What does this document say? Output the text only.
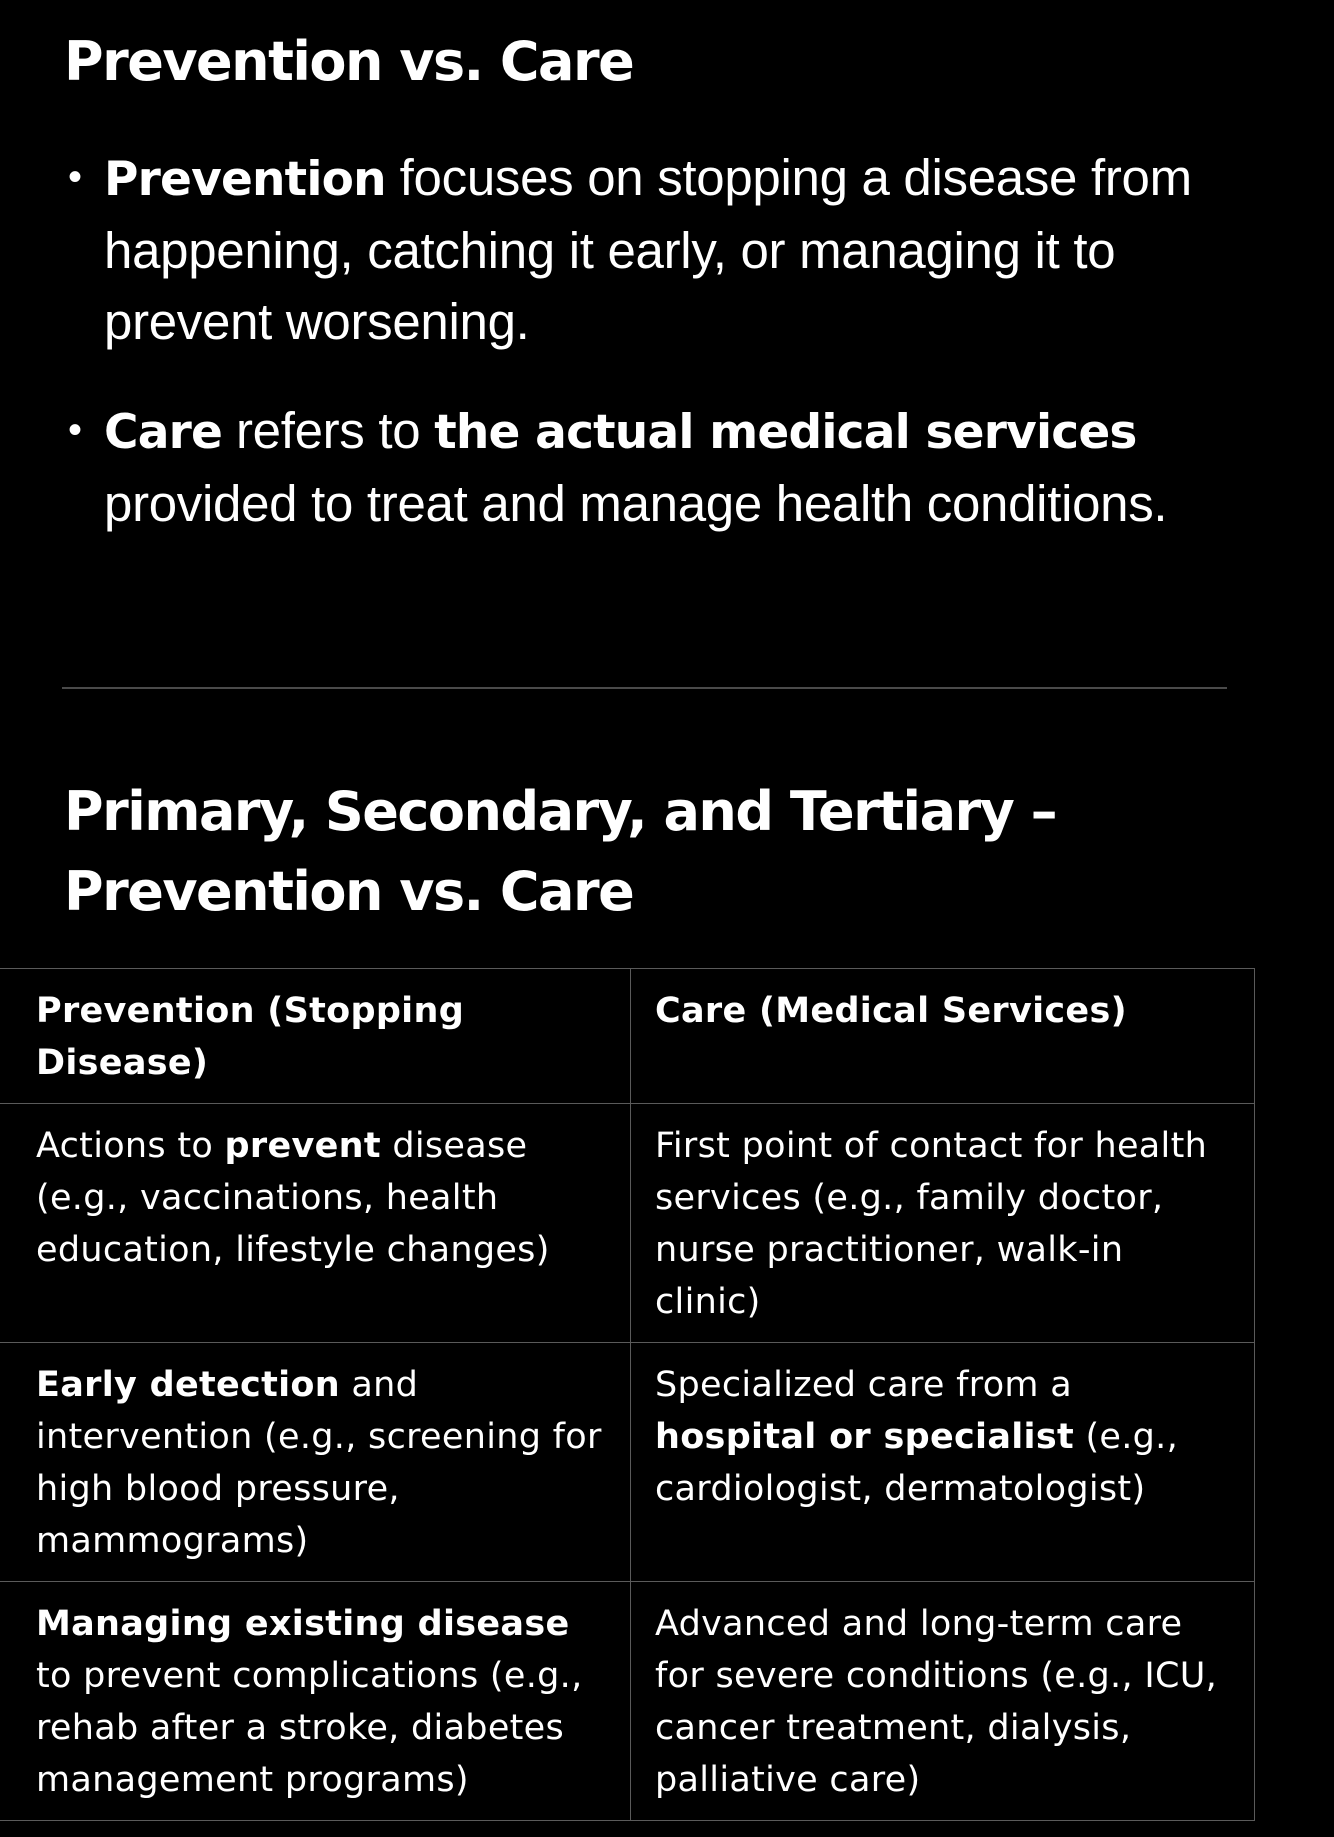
Prevention vs. Care
• Prevention focuses on stopping a disease from happening, catching it early, or managing it to prevent worsening.
• Care refers to the actual medical services provided to treat and manage health conditions.
Primary, Secondary, and Tertiary – Prevention vs. Care
Prevention (Stopping Disease)	Care (Medical Services)
Actions to prevent disease (e.g., vaccinations, health education, lifestyle changes)	First point of contact for health services (e.g., family doctor, nurse practitioner, walk-in clinic)
Early detection and intervention (e.g., screening for high blood pressure, mammograms)	Specialized care from a hospital or specialist (e.g., cardiologist, dermatologist)
Managing existing disease to prevent complications (e.g., rehab after a stroke, diabetes management programs)	Advanced and long-term care for severe conditions (e.g., ICU, cancer treatment, dialysis, palliative care)
